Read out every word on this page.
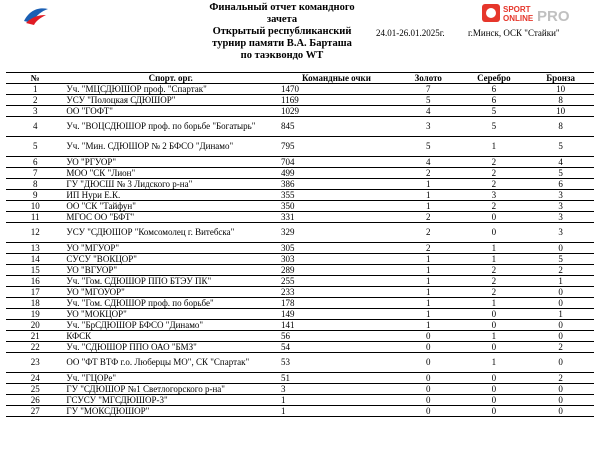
Финальный отчет командного
зачета
Открытый республиканский
турнир памяти В.А. Барташа
по таэквондо WT
24.01-26.01.2025г.	г.Минск, ОСК "Стайки"
SPORT
ONLINE PRO
№	Спорт. орг.	Командные очки	Золото	Серебро	Бронза
1	Уч. "МЦСДЮШОР проф. "Спартак"	1470	7	6	10
2	УСУ "Полоцкая СДЮШОР"	1169	5	6	8
3	ОО "ГОФТ"	1029	4	5	10
4	Уч. "ВОЦСДЮШОР проф. по борьбе "Богатырь"	845	3	5	8
5	Уч. "Мин. СДЮШОР № 2 БФСО "Динамо"	795	5	1	5
6	УО "РГУОР"	704	4	2	4
7	МОО "СК "Лион"	499	2	2	5
8	ГУ "ДЮСШ № 3 Лидского р-на"	386	1	2	6
9	ИП Нури Е.К.	355	1	3	3
10	ОО "СК "Тайфун"	350	1	2	3
11	МГОС ОО "БФТ"	331	2	0	3
12	УСУ "СДЮШОР "Комсомолец г. Витебска"	329	2	0	3
13	УО "МГУОР"	305	2	1	0
14	СУСУ "ВОКЦОР"	303	1	1	5
15	УО "ВГУОР"	289	1	2	2
16	Уч. "Гом. СДЮШОР ППО БТЭУ ПК"	255	1	2	1
17	УО "МГОУОР"	233	1	2	0
18	Уч. "Гом. СДЮШОР проф. по борьбе"	178	1	1	0
19	УО "МОКЦОР"	149	1	0	1
20	Уч. "БрСДЮШОР БФСО "Динамо"	141	1	0	0
21	КФСК	56	0	1	0
22	Уч. "СДЮШОР ППО ОАО "БМЗ"	54	0	0	2
23	ОО "ФТ ВТФ г.о. Люберцы МО", СК "Спартак"	53	0	1	0
24	Уч. "ГЦОРе"	51	0	0	2
25	ГУ "СДЮШОР №1 Светлогорского р-на"	3	0	0	0
26	ГСУСУ "МГСДЮШОР-3"	1	0	0	0
27	ГУ "МОКСДЮШОР"	1	0	0	0
